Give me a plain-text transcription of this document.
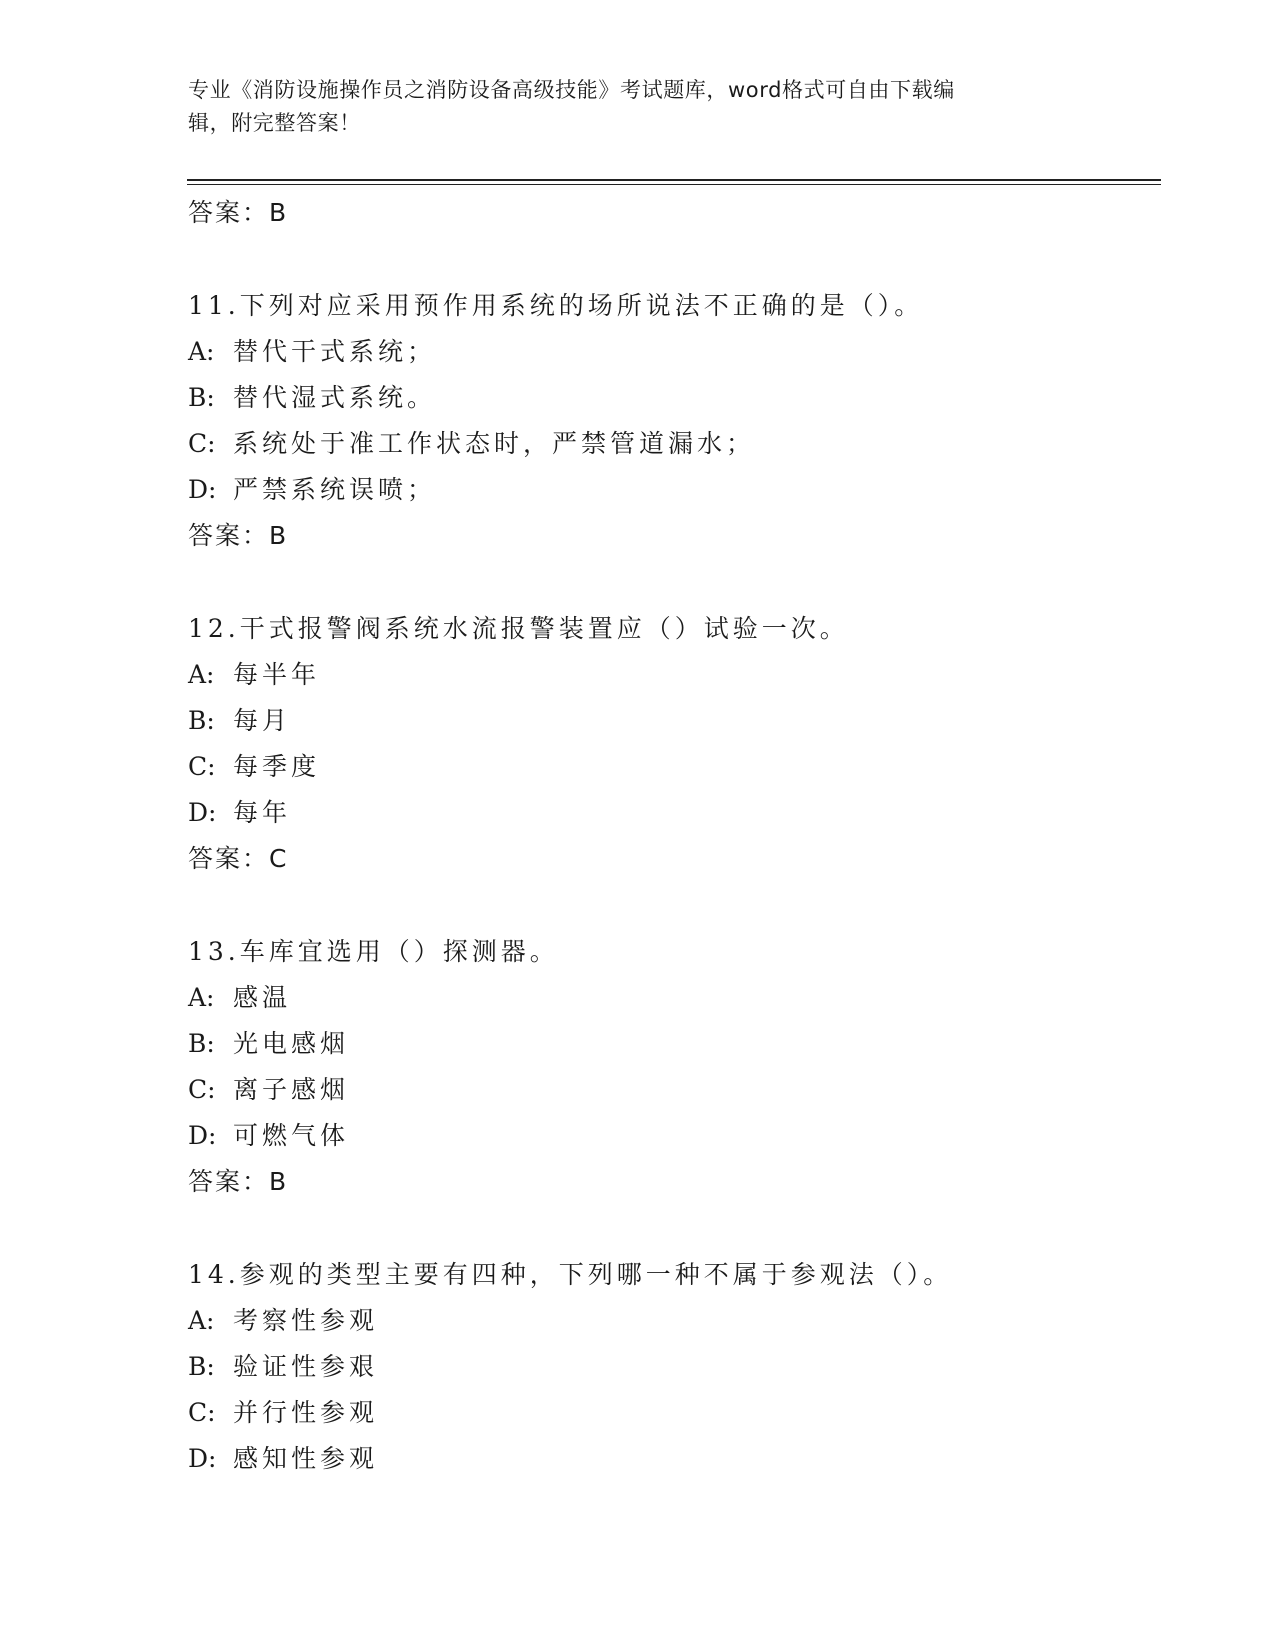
专业《消防设施操作员之消防设备高级技能》考试题库，word格式可自由下载编
辑，附完整答案！
答案：B
11.下列对应采用预作用系统的场所说法不正确的是（）。
A: 替代干式系统；
B: 替代湿式系统。
C: 系统处于准工作状态时，严禁管道漏水；
D: 严禁系统误喷；
答案：B
12.干式报警阀系统水流报警装置应（）试验一次。
A: 每半年
B: 每月
C: 每季度
D: 每年
答案：C
13.车库宜选用（）探测器。
A: 感温
B: 光电感烟
C: 离子感烟
D: 可燃气体
答案：B
14.参观的类型主要有四种，下列哪一种不属于参观法（）。
A: 考察性参观
B: 验证性参艰
C: 并行性参观
D: 感知性参观
